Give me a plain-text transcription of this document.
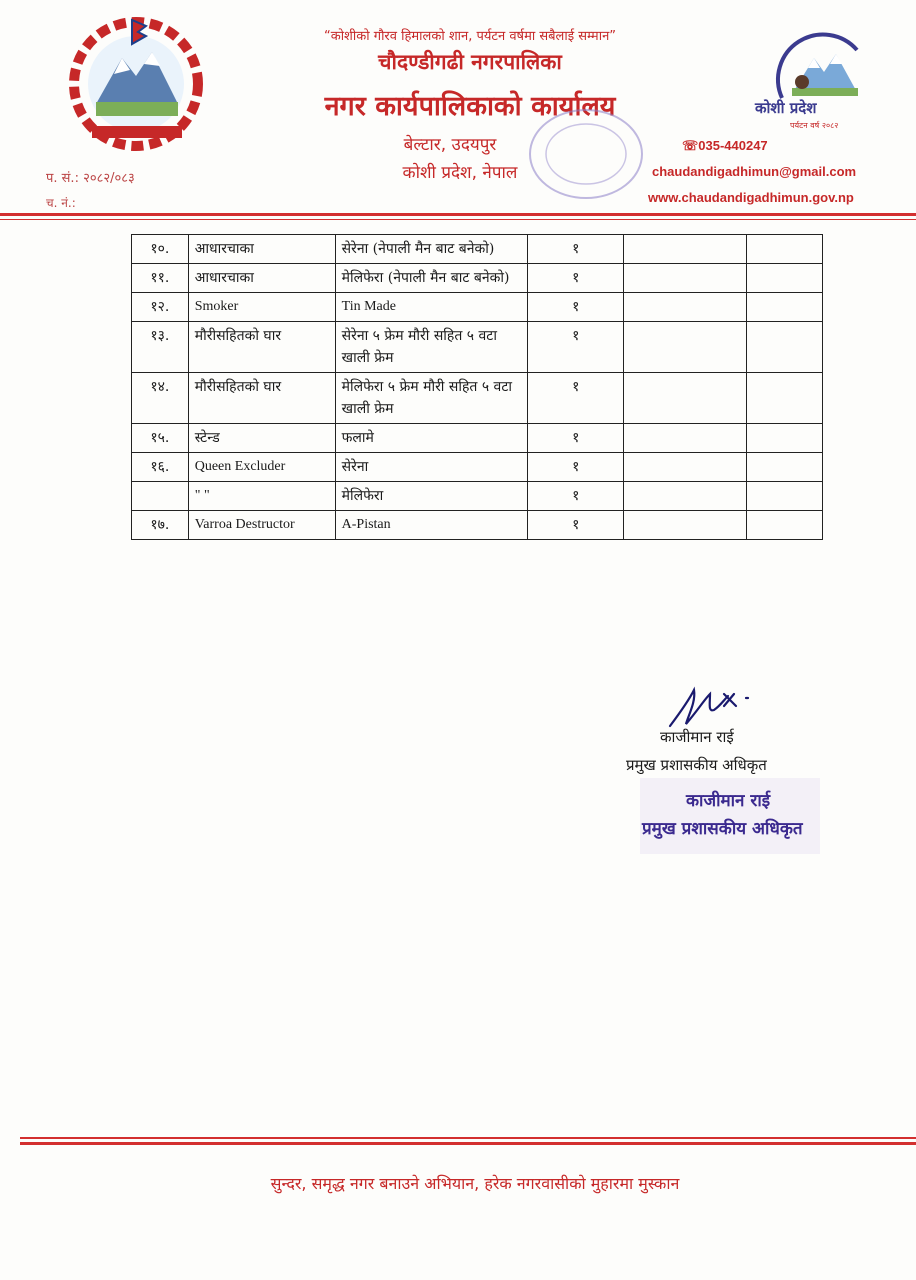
कोशी प्रदेश
पर्यटन वर्ष २०८२
“कोशीको गौरव हिमालको शान, पर्यटन वर्षमा सबैलाई सम्मान”
चौदण्डीगढी नगरपालिका
नगर कार्यपालिकाको कार्यालय
बेल्टार, उदयपुर
कोशी प्रदेश, नेपाल
प. सं.: २०८२/०८३
च. नं.:
☏035-440247
chaudandigadhimun@gmail.com
www.chaudandigadhimun.gov.np
१०.	आधारचाका	सेरेना (नेपाली मैन बाट बनेको)	१		
११.	आधारचाका	मेलिफेरा (नेपाली मैन बाट बनेको)	१		
१२.	Smoker	Tin Made	१		
१३.	मौरीसहितको घार	सेरेना ५ फ्रेम मौरी सहित ५ वटा खाली फ्रेम	१		
१४.	मौरीसहितको घार	मेलिफेरा ५ फ्रेम मौरी सहित ५ वटा खाली फ्रेम	१		
१५.	स्टेन्ड	फलामे	१		
१६.	Queen Excluder	सेरेना	१		
	" "	मेलिफेरा	१		
१७.	Varroa Destructor	A-Pistan	१		
काजीमान राई
प्रमुख प्रशासकीय अधिकृत
काजीमान राई
प्रमुख प्रशासकीय अधिकृत
सुन्दर, समृद्ध नगर बनाउने अभियान, हरेक नगरवासीको मुहारमा मुस्कान
